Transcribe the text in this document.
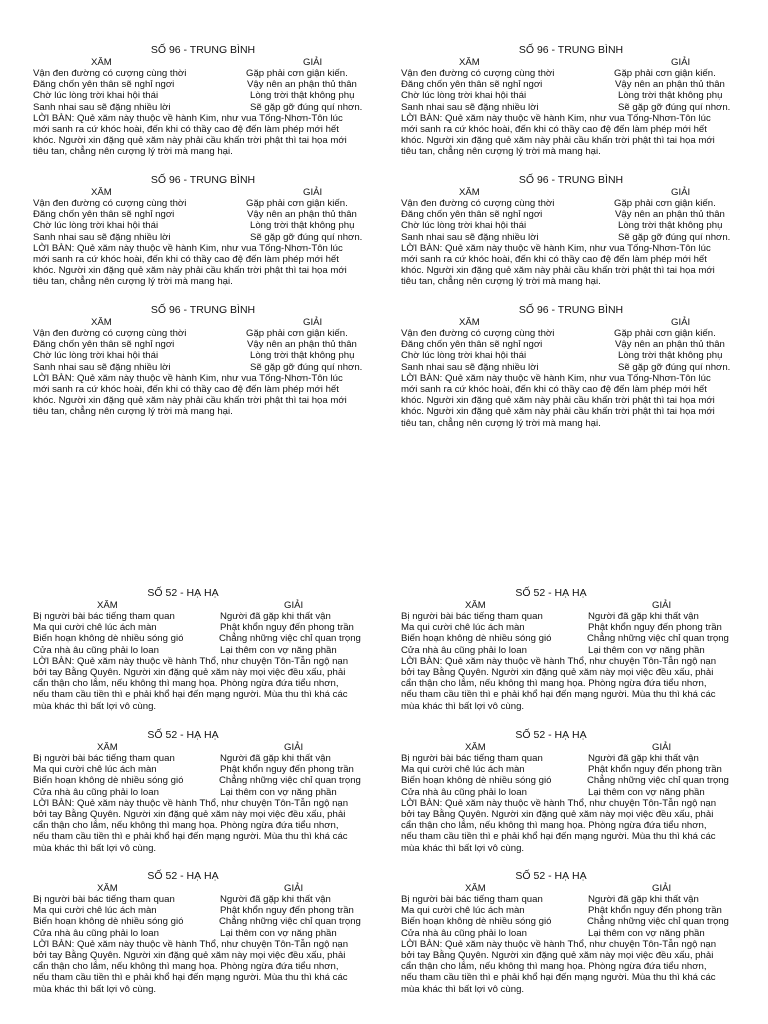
SỐ 96 - TRUNG BÌNH
XĂM	GIẢI
Vận đen đường có cượng cùng thời	Gặp phải cơn giận kiến.
Đăng chốn yên thân sẽ nghỉ ngơi	Vậy nên an phận thủ thân
Chờ lúc lòng trời khai hội thái	Lòng trời thật không phụ
Sanh nhai sau sẽ đặng nhiều lời	Sẽ gặp gỡ đúng quí nhơn.
LỜI BÀN: Quẻ xăm này thuộc về hành Kim, như vua Tống-Nhơn-Tôn lúc
mới sanh ra cứ khóc hoài, đến khi có thầy cao đệ đến làm phép mới hết
khóc. Người xin đặng quẻ xăm này phải cầu khấn trời phật thì tai họa mới
tiêu tan, chẳng nên cượng lý trời mà mang hại.
SỐ 96 - TRUNG BÌNH
XĂM	GIẢI
Vận đen đường có cượng cùng thời	Gặp phải cơn giận kiến.
Đăng chốn yên thân sẽ nghỉ ngơi	Vậy nên an phận thủ thân
Chờ lúc lòng trời khai hội thái	Lòng trời thật không phụ
Sanh nhai sau sẽ đặng nhiều lời	Sẽ gặp gỡ đúng quí nhơn.
LỜI BÀN: Quẻ xăm này thuộc về hành Kim, như vua Tống-Nhơn-Tôn lúc
mới sanh ra cứ khóc hoài, đến khi có thầy cao đệ đến làm phép mới hết
khóc. Người xin đặng quẻ xăm này phải cầu khấn trời phật thì tai họa mới
tiêu tan, chẳng nên cượng lý trời mà mang hại.
SỐ 96 - TRUNG BÌNH
XĂM	GIẢI
Vận đen đường có cượng cùng thời	Gặp phải cơn giận kiến.
Đăng chốn yên thân sẽ nghỉ ngơi	Vậy nên an phận thủ thân
Chờ lúc lòng trời khai hội thái	Lòng trời thật không phụ
Sanh nhai sau sẽ đặng nhiều lời	Sẽ gặp gỡ đúng quí nhơn.
LỜI BÀN: Quẻ xăm này thuộc về hành Kim, như vua Tống-Nhơn-Tôn lúc
mới sanh ra cứ khóc hoài, đến khi có thầy cao đệ đến làm phép mới hết
khóc. Người xin đặng quẻ xăm này phải cầu khấn trời phật thì tai họa mới
tiêu tan, chẳng nên cượng lý trời mà mang hại.
SỐ 96 - TRUNG BÌNH
XĂM	GIẢI
Vận đen đường có cượng cùng thời	Gặp phải cơn giận kiến.
Đăng chốn yên thân sẽ nghỉ ngơi	Vậy nên an phận thủ thân
Chờ lúc lòng trời khai hội thái	Lòng trời thật không phụ
Sanh nhai sau sẽ đặng nhiều lời	Sẽ gặp gỡ đúng quí nhơn.
LỜI BÀN: Quẻ xăm này thuộc về hành Kim, như vua Tống-Nhơn-Tôn lúc
mới sanh ra cứ khóc hoài, đến khi có thầy cao đệ đến làm phép mới hết
khóc. Người xin đặng quẻ xăm này phải cầu khấn trời phật thì tai họa mới
tiêu tan, chẳng nên cượng lý trời mà mang hại.
SỐ 96 - TRUNG BÌNH
XĂM	GIẢI
Vận đen đường có cượng cùng thời	Gặp phải cơn giận kiến.
Đăng chốn yên thân sẽ nghỉ ngơi	Vậy nên an phận thủ thân
Chờ lúc lòng trời khai hội thái	Lòng trời thật không phụ
Sanh nhai sau sẽ đặng nhiều lời	Sẽ gặp gỡ đúng quí nhơn.
LỜI BÀN: Quẻ xăm này thuộc về hành Kim, như vua Tống-Nhơn-Tôn lúc
mới sanh ra cứ khóc hoài, đến khi có thầy cao đệ đến làm phép mới hết
khóc. Người xin đặng quẻ xăm này phải cầu khấn trời phật thì tai họa mới
tiêu tan, chẳng nên cượng lý trời mà mang hại.
SỐ 96 - TRUNG BÌNH
XĂM	GIẢI
Vận đen đường có cượng cùng thời	Gặp phải cơn giận kiến.
Đăng chốn yên thân sẽ nghỉ ngơi	Vậy nên an phận thủ thân
Chờ lúc lòng trời khai hội thái	Lòng trời thật không phụ
Sanh nhai sau sẽ đặng nhiều lời	Sẽ gặp gỡ đúng quí nhơn.
LỜI BÀN: Quẻ xăm này thuộc về hành Kim, như vua Tống-Nhơn-Tôn lúc
mới sanh ra cứ khóc hoài, đến khi có thầy cao đệ đến làm phép mới hết
khóc. Người xin đặng quẻ xăm này phải cầu khấn trời phật thì tai họa mới
khóc. Người xin đặng quẻ xăm này phải cầu khấn trời phật thì tai họa mới
tiêu tan, chẳng nên cượng lý trời mà mang hại.
SỐ 52 - HẠ HẠ
XĂM	GIẢI
Bị người bài bác tiếng tham quan	Người đã gặp khi thất vận
Ma qui cười chê lúc ách màn	Phật khổn nguy đến phong trần
Biến hoạn không dè nhiều sóng gió	Chẳng những việc chỉ quan trọng
Cửa nhà âu cũng phải lo loan	Lại thêm con vợ năng phần
LỜI BÀN: Quẻ xăm này thuộc về hành Thổ, như chuyện Tôn-Tẫn ngộ nạn
bởi tay Bằng Quyên. Người xin đặng quẻ xăm này mọi việc đều xấu, phải
cẩn thận cho lắm, nếu không thì mang họa. Phòng ngừa đứa tiểu nhơn,
nếu tham cầu tiền thì e phải khổ hại đến mạng người. Mùa thu thì khá các
mùa khác thì bất lợi vô cùng.
SỐ 52 - HẠ HẠ
XĂM	GIẢI
Bị người bài bác tiếng tham quan	Người đã gặp khi thất vận
Ma qui cười chê lúc ách màn	Phật khổn nguy đến phong trần
Biến hoạn không dè nhiều sóng gió	Chẳng những việc chỉ quan trọng
Cửa nhà âu cũng phải lo loan	Lại thêm con vợ năng phần
LỜI BÀN: Quẻ xăm này thuộc về hành Thổ, như chuyện Tôn-Tẫn ngộ nạn
bởi tay Bằng Quyên. Người xin đặng quẻ xăm này mọi việc đều xấu, phải
cẩn thận cho lắm, nếu không thì mang họa. Phòng ngừa đứa tiểu nhơn,
nếu tham cầu tiền thì e phải khổ hại đến mạng người. Mùa thu thì khá các
mùa khác thì bất lợi vô cùng.
SỐ 52 - HẠ HẠ
XĂM	GIẢI
Bị người bài bác tiếng tham quan	Người đã gặp khi thất vận
Ma qui cười chê lúc ách màn	Phật khổn nguy đến phong trần
Biến hoạn không dè nhiều sóng gió	Chẳng những việc chỉ quan trọng
Cửa nhà âu cũng phải lo loan	Lại thêm con vợ năng phần
LỜI BÀN: Quẻ xăm này thuộc về hành Thổ, như chuyện Tôn-Tẫn ngộ nạn
bởi tay Bằng Quyên. Người xin đặng quẻ xăm này mọi việc đều xấu, phải
cẩn thận cho lắm, nếu không thì mang họa. Phòng ngừa đứa tiểu nhơn,
nếu tham cầu tiền thì e phải khổ hại đến mạng người. Mùa thu thì khá các
mùa khác thì bất lợi vô cùng.
SỐ 52 - HẠ HẠ
XĂM	GIẢI
Bị người bài bác tiếng tham quan	Người đã gặp khi thất vận
Ma qui cười chê lúc ách màn	Phật khổn nguy đến phong trần
Biến hoạn không dè nhiều sóng gió	Chẳng những việc chỉ quan trọng
Cửa nhà âu cũng phải lo loan	Lại thêm con vợ năng phần
LỜI BÀN: Quẻ xăm này thuộc về hành Thổ, như chuyện Tôn-Tẫn ngộ nạn
bởi tay Bằng Quyên. Người xin đặng quẻ xăm này mọi việc đều xấu, phải
cẩn thận cho lắm, nếu không thì mang họa. Phòng ngừa đứa tiểu nhơn,
nếu tham cầu tiền thì e phải khổ hại đến mạng người. Mùa thu thì khá các
mùa khác thì bất lợi vô cùng.
SỐ 52 - HẠ HẠ
XĂM	GIẢI
Bị người bài bác tiếng tham quan	Người đã gặp khi thất vận
Ma qui cười chê lúc ách màn	Phật khổn nguy đến phong trần
Biến hoạn không dè nhiều sóng gió	Chẳng những việc chỉ quan trọng
Cửa nhà âu cũng phải lo loan	Lại thêm con vợ năng phần
LỜI BÀN: Quẻ xăm này thuộc về hành Thổ, như chuyện Tôn-Tẫn ngộ nạn
bởi tay Bằng Quyên. Người xin đặng quẻ xăm này mọi việc đều xấu, phải
cẩn thận cho lắm, nếu không thì mang họa. Phòng ngừa đứa tiểu nhơn,
nếu tham cầu tiền thì e phải khổ hại đến mạng người. Mùa thu thì khá các
mùa khác thì bất lợi vô cùng.
SỐ 52 - HẠ HẠ
XĂM	GIẢI
Bị người bài bác tiếng tham quan	Người đã gặp khi thất vận
Ma qui cười chê lúc ách màn	Phật khổn nguy đến phong trần
Biến hoạn không dè nhiều sóng gió	Chẳng những việc chỉ quan trọng
Cửa nhà âu cũng phải lo loan	Lại thêm con vợ năng phần
LỜI BÀN: Quẻ xăm này thuộc về hành Thổ, như chuyện Tôn-Tẫn ngộ nạn
bởi tay Bằng Quyên. Người xin đặng quẻ xăm này mọi việc đều xấu, phải
cẩn thận cho lắm, nếu không thì mang họa. Phòng ngừa đứa tiểu nhơn,
nếu tham cầu tiền thì e phải khổ hại đến mạng người. Mùa thu thì khá các
mùa khác thì bất lợi vô cùng.
